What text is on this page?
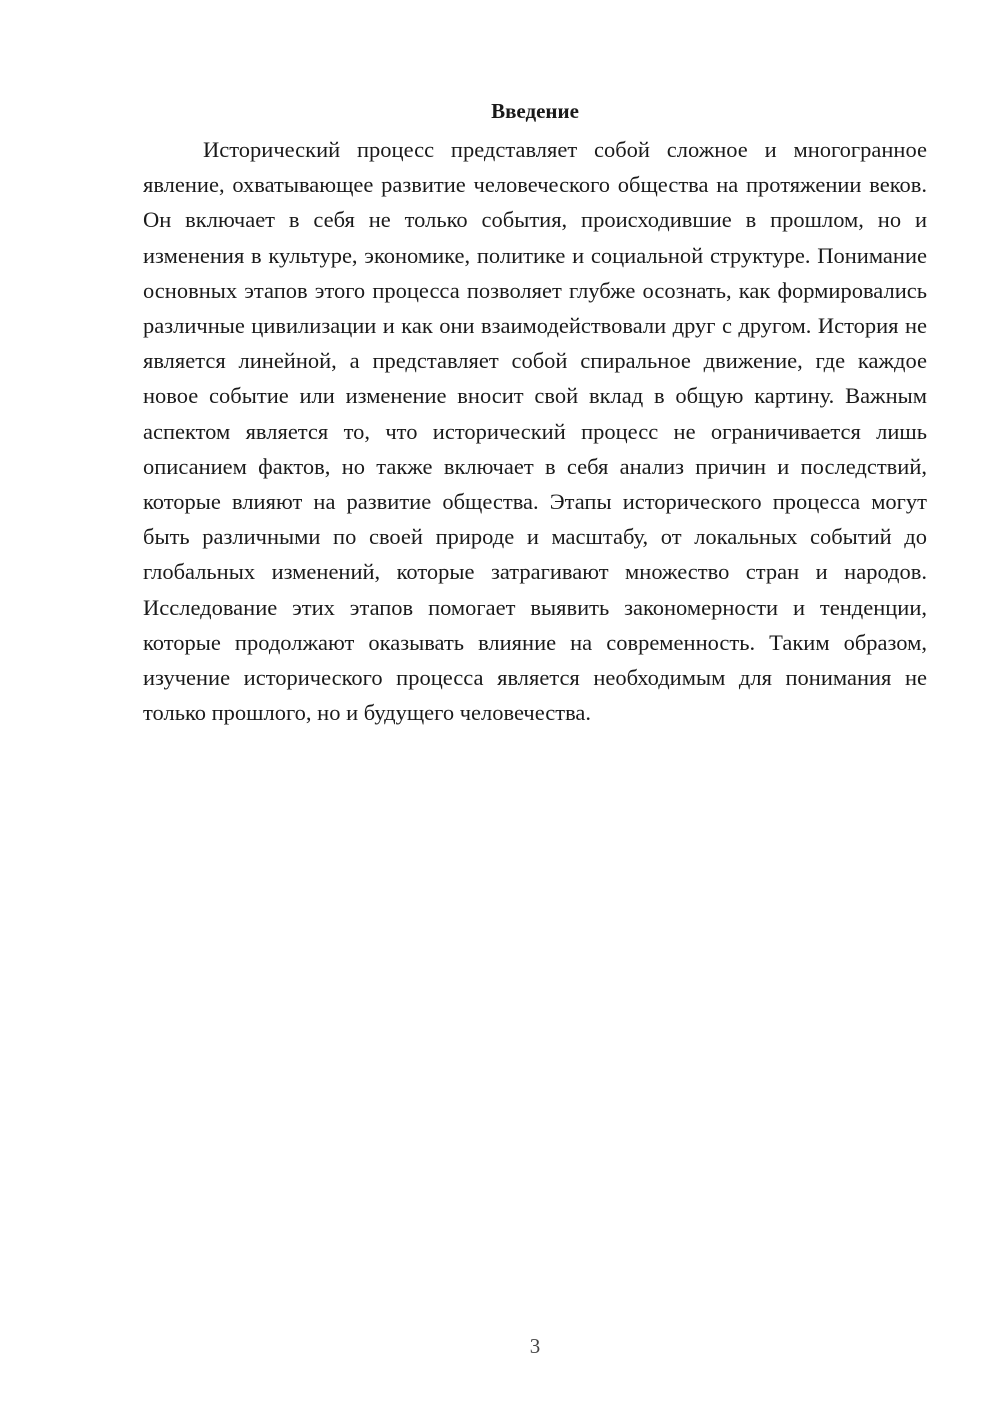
Введение

Исторический процесс представляет собой сложное и многогранное явление, охватывающее развитие человеческого общества на протяжении веков. Он включает в себя не только события, происходившие в прошлом, но и изменения в культуре, экономике, политике и социальной структуре. Понимание основных этапов этого процесса позволяет глубже осознать, как формировались различные цивилизации и как они взаимодействовали друг с другом. История не является линейной, а представляет собой спиральное движение, где каждое новое событие или изменение вносит свой вклад в общую картину. Важным аспектом является то, что исторический процесс не ограничивается лишь описанием фактов, но также включает в себя анализ причин и последствий, которые влияют на развитие общества. Этапы исторического процесса могут быть различными по своей природе и масштабу, от локальных событий до глобальных изменений, которые затрагивают множество стран и народов. Исследование этих этапов помогает выявить закономерности и тенденции, которые продолжают оказывать влияние на современность. Таким образом, изучение исторического процесса является необходимым для понимания не только прошлого, но и будущего человечества.

3
